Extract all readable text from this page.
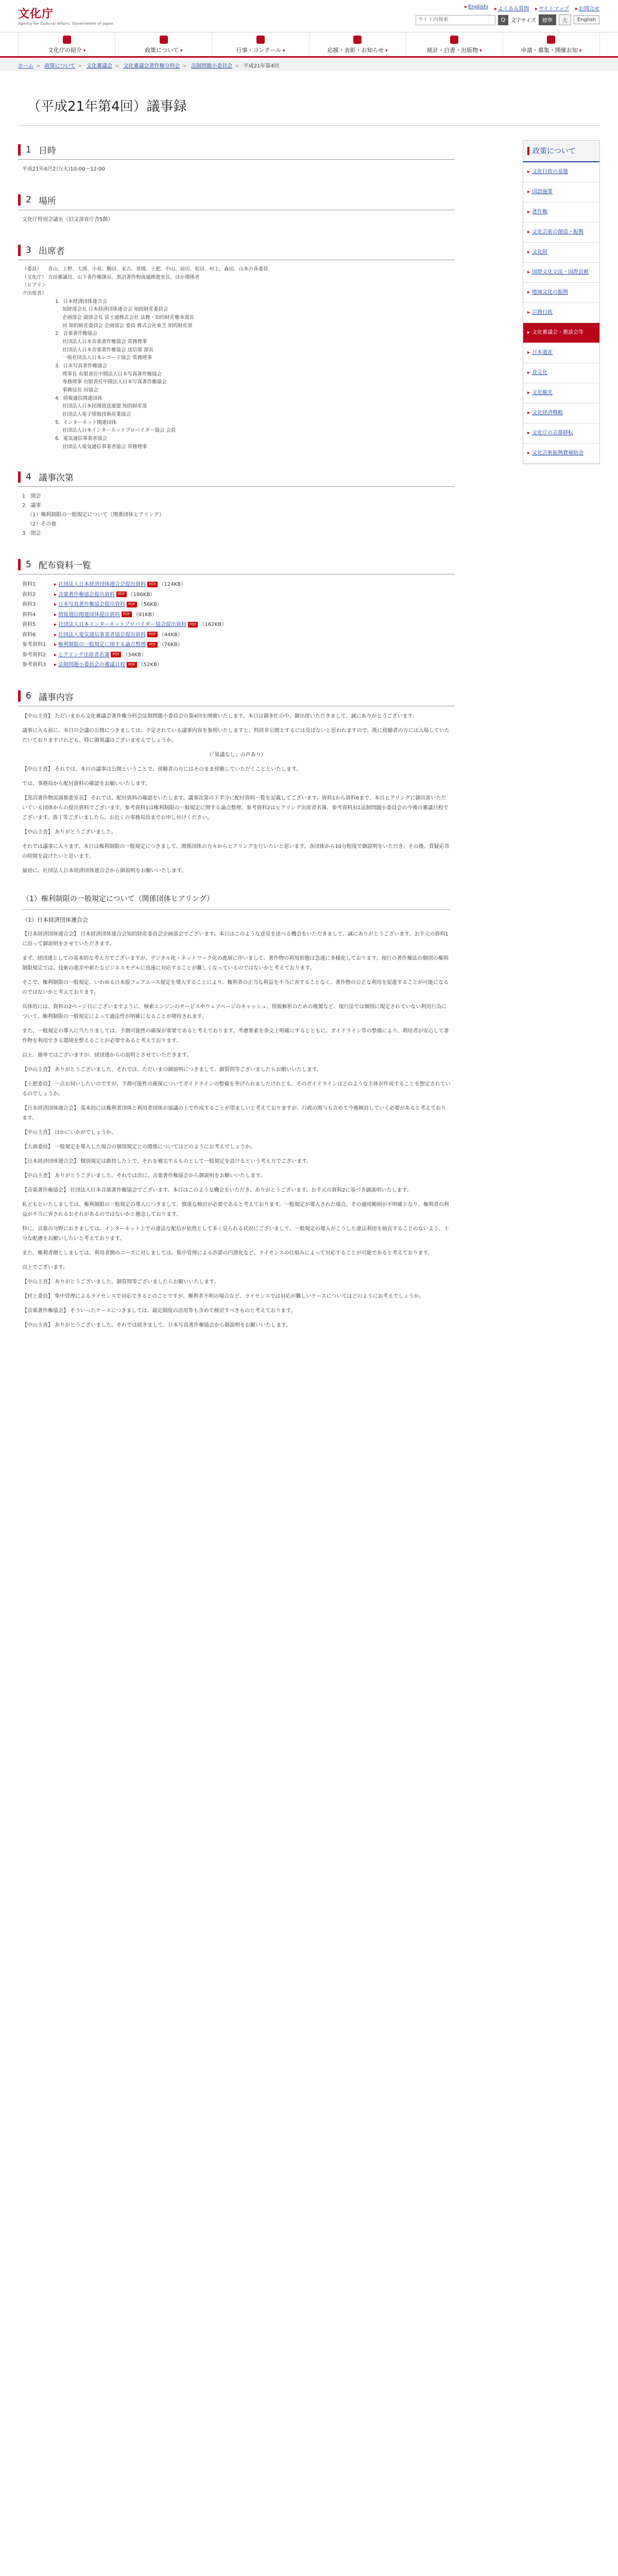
文化庁
Agency for Cultural Affairs, Government of Japan
▸ Englishi	▸ よくある質問	▸ サイトマップ	▸ お問合せ
サイト内検索
Q	文字サイズ	標準	大	English
文化庁の紹介 ▾	政策について ▾	行事・コンクール ▾	応援・表彰・お知らせ ▾	統計・白書・出版物 ▾	申請・募集・開催お知 ▾
ホーム > 政策について > 文化審議会 > 文化審議会著作権分科会 > 法制問題小委員会 > 平成21年第4回
（平成21年第4回）議事録
1 日時
平成21年6月2日(火)10:00～12:00
2 場所
文化庁特別会議室（旧文部省庁舎5階）
3 出席者
（委員）	青山、上野、大渕、小泉、駒田、末吉、茶園、土肥、中山、前田、松田、村上、森田、山本の各委員
（文化庁） 吉田審議官、山下著作権課長、黒沼著作物流通推進室長、ほか関係者
（ヒアリング出席者）
1．日本経済団体連合会
知財部会長 日本経済団体連合会 知的財産委員会
企画部会 副部会長 富士通株式会社 法務・知的財産権本部長
同 知的財産委員会 企画部会 委員 株式会社東芝 知的財産部
2．音楽著作権協会
社団法人日本音楽著作権協会 常務理事
社団法人日本音楽著作権協会 送信部 部長
一般社団法人日本レコード協会 常務理事
3．日本写真著作権協会
理事長 有限責任中間法人日本写真著作権協会
専務理事 有限責任中間法人日本写真著作権協会
事務局長 同協会
4．情報通信関連団体
社団法人日本民間放送連盟 知的財産部
社団法人電子情報技術産業協会
5．インターネット関連団体
社団法人日本インターネットプロバイダー協会 会員
6．電気通信事業者協会
社団法人電気通信事業者協会 常務理事
4 議事次第
1　開会
2　議事
（1）権利制限の一般規定について（関係団体ヒアリング）
（2）その他
3　閉会
5 配布資料一覧
資料1	▸ 社団法人日本経済団体連合会提出資料 PDF （124KB）
資料2	▸ 音楽著作権協会提出資料 PDF （186KB）
資料3	▸ 日本写真著作権協会提出資料 PDF （56KB）
資料4	▸ 情報通信関連団体提出資料 PDF （91KB）
資料5	▸ 社団法人日本インターネットプロバイダー協会提出資料 PDF （162KB）
資料6	▸ 社団法人電気通信事業者協会提出資料 PDF （44KB）
参考資料1	▸ 権利制限の一般規定に関する論点整理 PDF （76KB）
参考資料2	▸ ヒアリング出席者名簿 PDF （34KB）
参考資料3	▸ 法制問題小委員会の審議日程 PDF （52KB）
6 議事内容

【中山主査】 ただいまから文化審議会著作権分科会法制問題小委員会の第4回を開催いたします。本日は御多忙の中、御出席いただきまして、誠にありがとうございます。

議事に入る前に、本日の会議の公開につきましては、予定されている議事内容を参照いたしますと、特段非公開とするには及ばないと思われますので、既に傍聴者の方には入場していただいておりますけれども、特に御異議はございませんでしょうか。

（「異議なし」の声あり）

【中山主査】 それでは、本日の議事は公開ということで、傍聴者の方にはそのまま傍聴していただくことといたします。

では、事務局から配付資料の確認をお願いいたします。

【黒沼著作物流通推進室長】 それでは、配付資料の確認をいたします。議事次第の下半分に配付資料一覧を記載してございます。資料1から資料6まで、本日ヒアリングに御出席いただいている団体からの提出資料でございます。参考資料1は権利制限の一般規定に関する論点整理、参考資料2はヒアリング出席者名簿、参考資料3は法制問題小委員会の今後の審議日程でございます。落丁等ございましたら、お近くの事務局員までお申し付けください。

【中山主査】 ありがとうございました。

それでは議事に入ります。本日は権利制限の一般規定につきまして、関係団体の方々からヒアリングを行いたいと思います。各団体から10分程度で御説明をいただき、その後、質疑応答の時間を設けたいと思います。

最初に、社団法人日本経済団体連合会から御説明をお願いいたします。

（1）権利制限の一般規定について（関係団体ヒアリング）
（1）日本経済団体連合会

【日本経済団体連合会】 日本経済団体連合会知的財産委員会企画部会でございます。本日はこのような意見を述べる機会をいただきまして、誠にありがとうございます。お手元の資料1に沿って御説明をさせていただきます。

まず、経団連としての基本的な考え方でございますが、デジタル化・ネットワーク化の進展に伴いまして、著作物の利用形態は急速に多様化しております。現行の著作権法の個別の権利制限規定では、技術の進歩や新たなビジネスモデルに迅速に対応することが難しくなっているのではないかと考えております。

そこで、権利制限の一般規定、いわゆる日本版フェアユース規定を導入することにより、権利者の正当な利益を不当に害することなく、著作物の公正な利用を促進することが可能になるのではないかと考えております。

具体的には、資料の2ページ目にございますように、検索エンジンのサービスやウェブページのキャッシュ、情報解析のための複製など、現行法では個別に規定されていない利用行為について、権利制限の一般規定によって適法性が明確になることが期待されます。

また、一般規定の導入に当たりましては、予測可能性の確保が重要であると考えております。考慮要素を条文上明確にするとともに、ガイドライン等の整備により、利用者が安心して著作物を利用できる環境を整えることが必要であると考えております。

以上、簡単ではございますが、経団連からの説明とさせていただきます。

【中山主査】 ありがとうございました。それでは、ただいまの御説明につきまして、御質問等ございましたらお願いいたします。

【土肥委員】 一点お伺いしたいのですが、予測可能性の確保についてガイドラインの整備を挙げられましたけれども、そのガイドラインはどのような主体が作成することを想定されているのでしょうか。

【日本経済団体連合会】 基本的には権利者団体と利用者団体が協議の上で作成することが望ましいと考えておりますが、行政の関与も含めて今後検討していく必要があると考えております。

【中山主査】 ほかにいかがでしょうか。

【大渕委員】 一般規定を導入した場合の個別規定との関係についてはどのようにお考えでしょうか。

【日本経済団体連合会】 個別規定は維持した上で、それを補完するものとして一般規定を設けるという考え方でございます。

【中山主査】 ありがとうございました。それでは次に、音楽著作権協会から御説明をお願いいたします。

【音楽著作権協会】 社団法人日本音楽著作権協会でございます。本日はこのような機会をいただき、ありがとうございます。お手元の資料2に基づき御説明いたします。

私どもといたしましては、権利制限の一般規定の導入につきまして、慎重な検討が必要であると考えております。一般規定が導入された場合、その適用範囲が不明確となり、権利者の利益が不当に害されるおそれがあるのではないかと懸念しております。

特に、音楽の分野におきましては、インターネット上での違法な配信が依然として多く見られる状況にございまして、一般規定の導入がこうした違法利用を助長することのないよう、十分な配慮をお願いしたいと考えております。

また、権利者側としましては、利用者側のニーズに対しましては、集中管理による許諾の円滑化など、ライセンスの仕組みによって対応することが可能であると考えております。

以上でございます。

【中山主査】 ありがとうございました。御質問等ございましたらお願いいたします。

【村上委員】 集中管理によるライセンスで対応できるとのことですが、権利者不明の場合など、ライセンスでは対応が難しいケースについてはどのようにお考えでしょうか。

【音楽著作権協会】 そういったケースにつきましては、裁定制度の活用等も含めて検討すべきものと考えております。

【中山主査】 ありがとうございました。それでは続きまして、日本写真著作権協会から御説明をお願いいたします。

政策について
▸ 文化行政の基盤
▸ 国語施策
▸ 著作権
▸ 文化芸術の創造・振興
▸ 文化財
▸ 国際文化交流・国際貢献
▸ 地域文化の振興
▸ 宗務行政
▸ 文化審議会・懇談会等
▸ 日本遺産
▸ 食文化
▸ 文化観光
▸ 文化経済戦略
▸ 文化庁の京都移転
▸ 文化芸術振興費補助金
